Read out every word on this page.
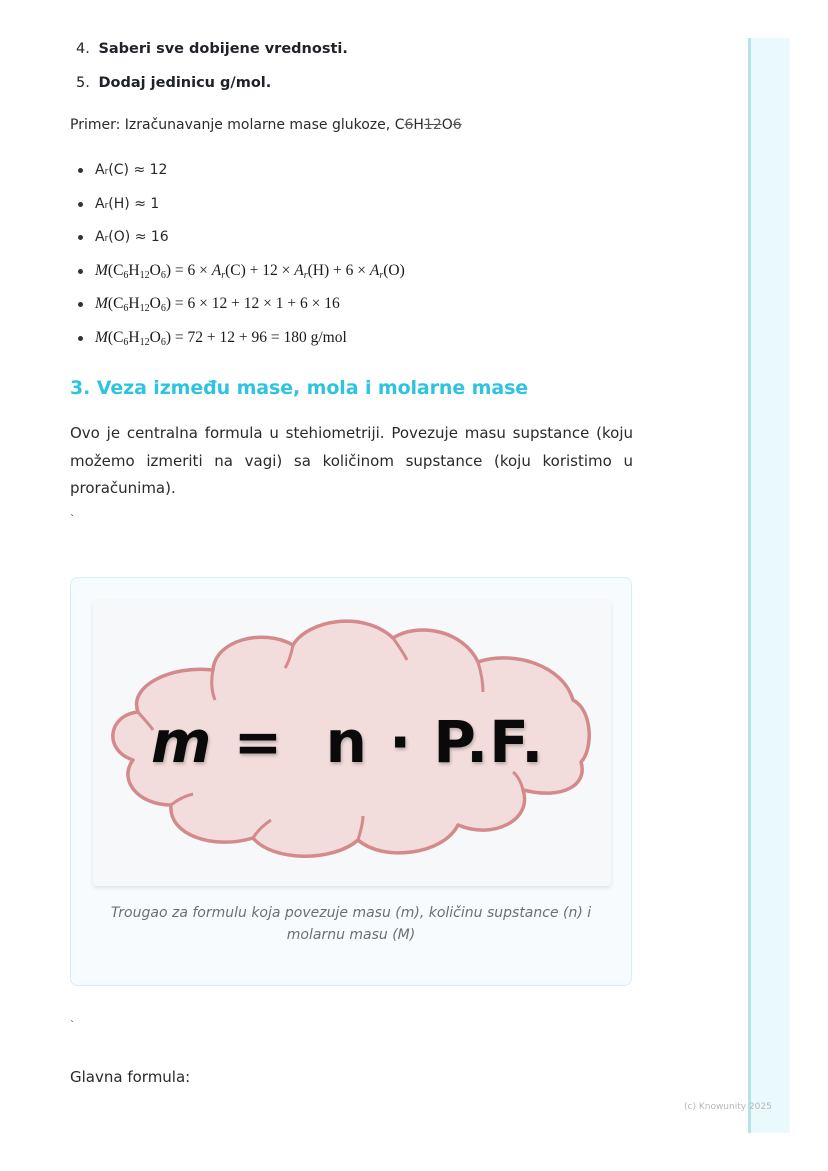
4. Saberi sve dobijene vrednosti.
5. Dodaj jedinicu g/mol.
Primer: Izračunavanje molarne mase glukoze, C6H12O6
Ar(C) ≈ 12
Ar(H) ≈ 1
Ar(O) ≈ 16
$M(C_6H_{12}O_6) = 6 \times A_r(C) + 12 \times A_r(H) + 6 \times A_r(O)$
$M(C_6H_{12}O_6) = 6 \times 12 + 12 \times 1 + 6 \times 16$
$M(C_6H_{12}O_6) = 72 + 12 + 96 = 180$ g/mol
3. Veza između mase, mola i molarne mase
Ovo je centralna formula u stehiometriji. Povezuje masu supstance (koju možemo izmeriti na vagi) sa količinom supstance (koju koristimo u proračunima).
`
m =  n · P.F.
Trougao za formulu koja povezuje masu (m), količinu supstance (n) i molarnu masu (M)
`
Glavna formula:
(c) Knowunity 2025
